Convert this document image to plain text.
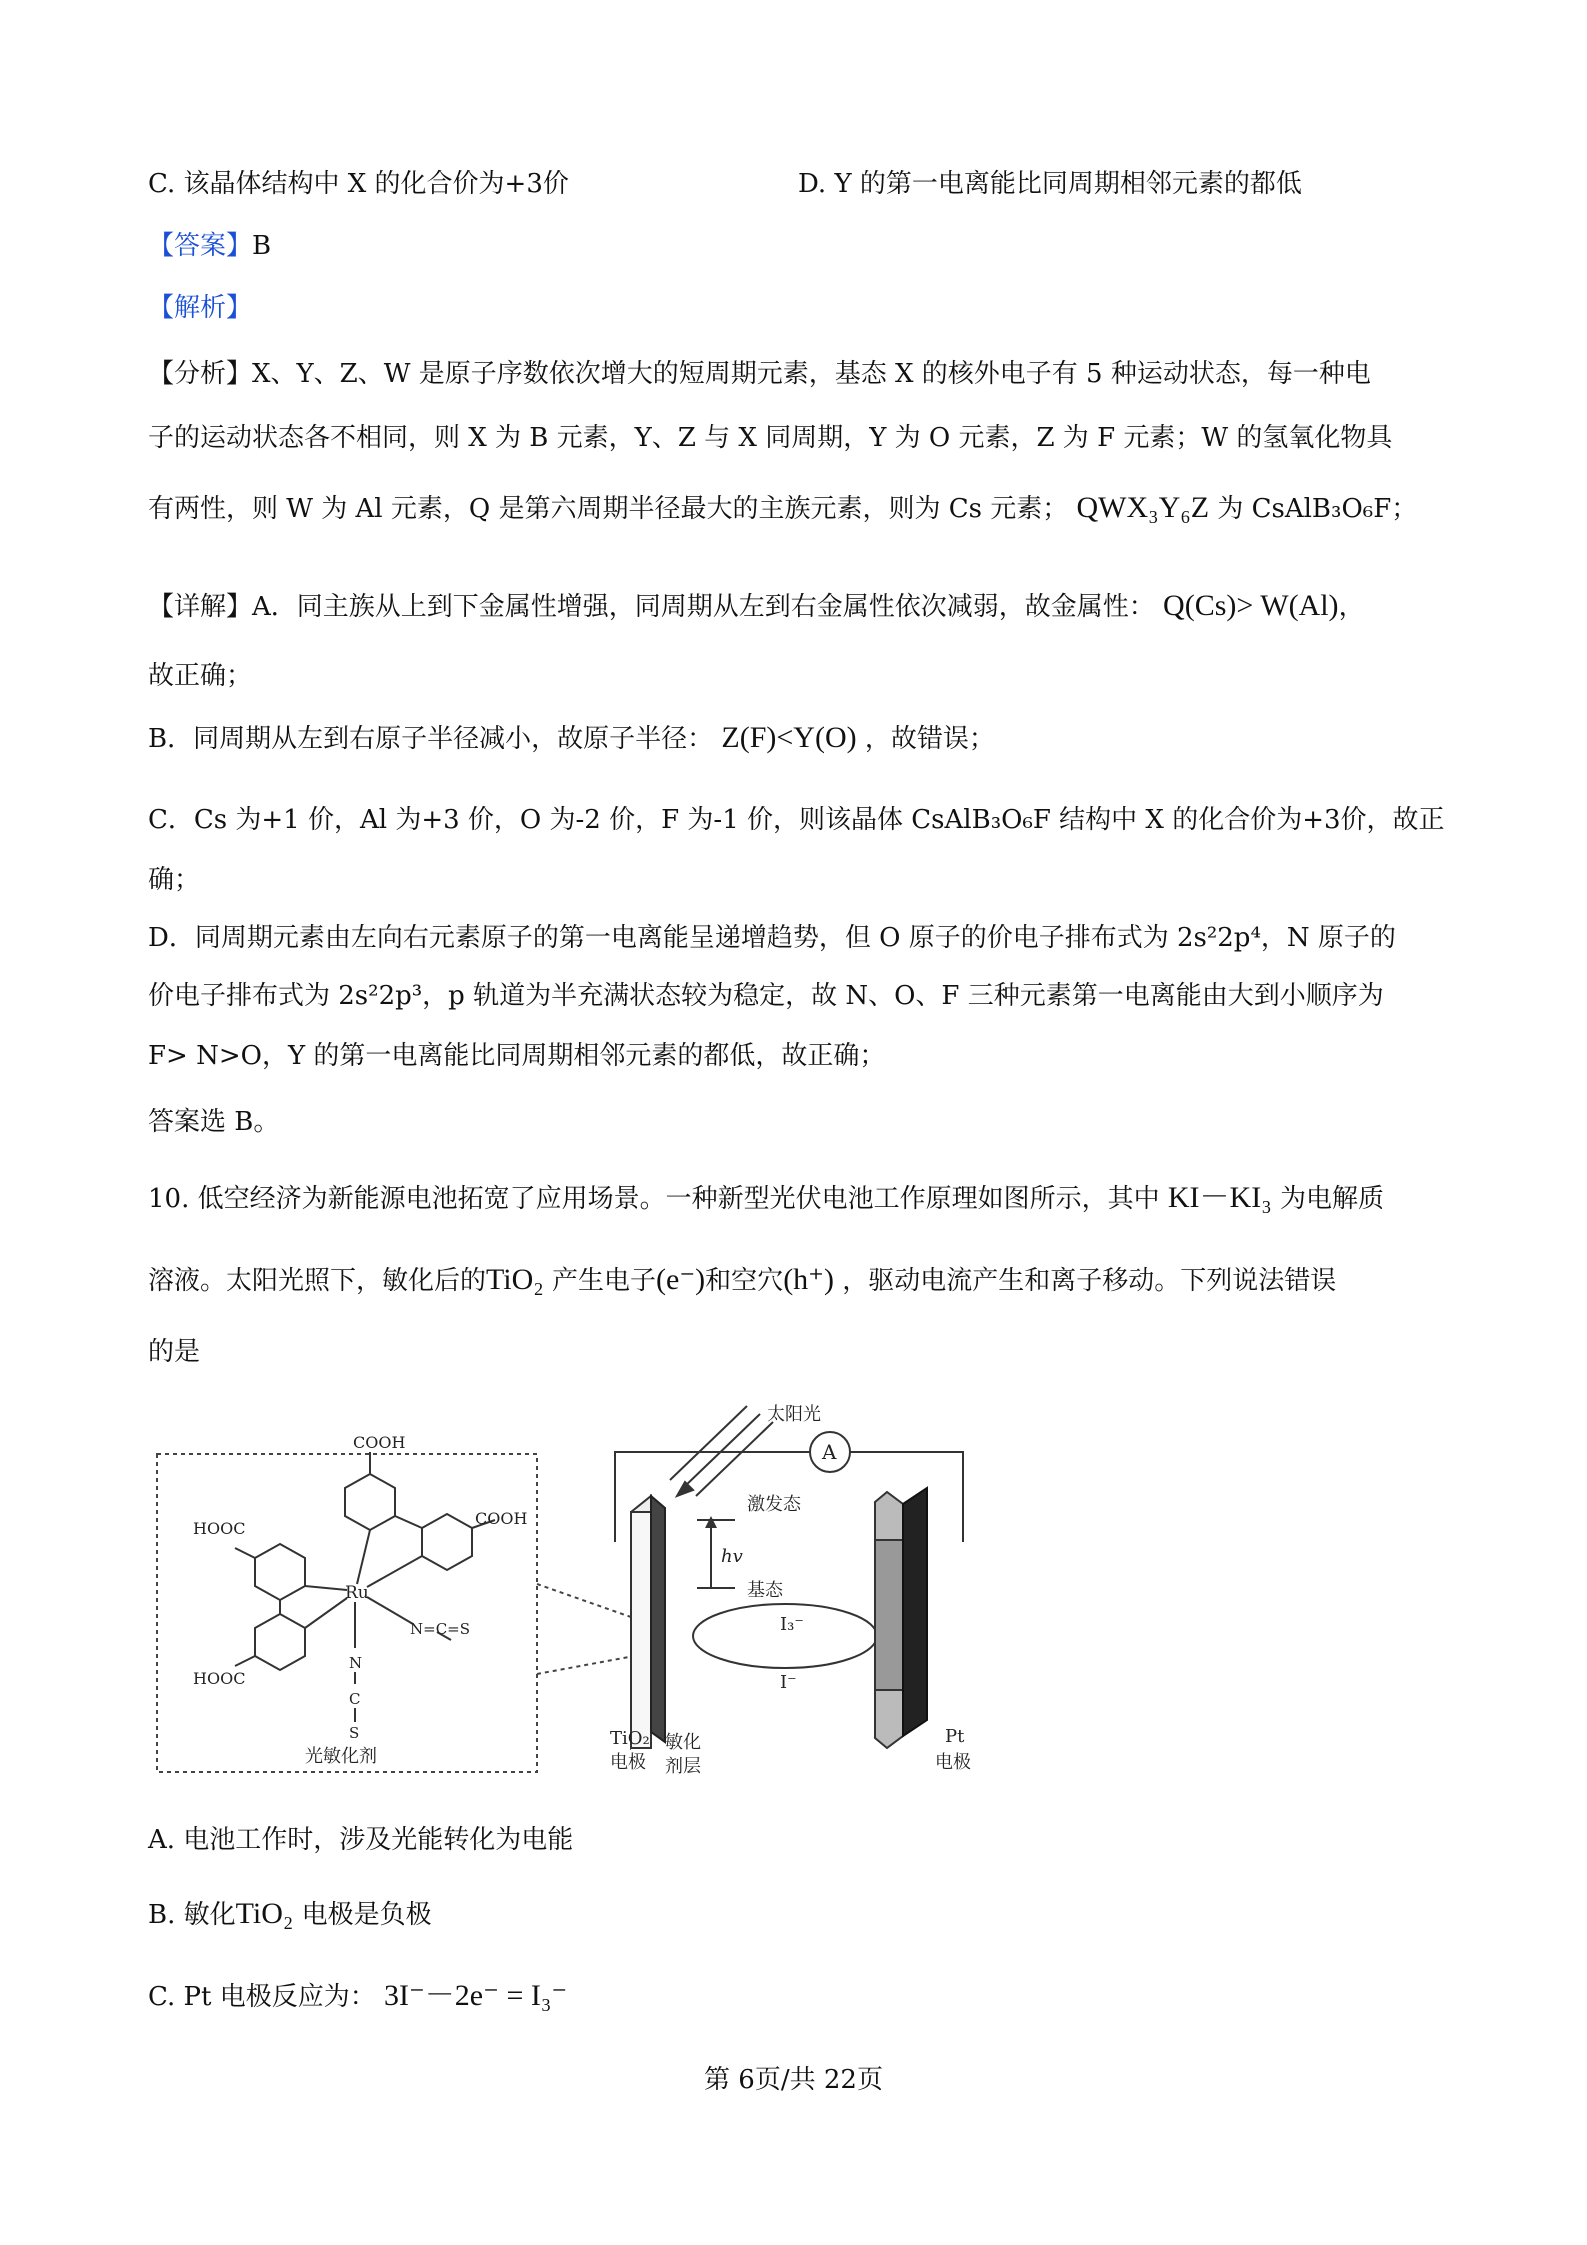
C. 该晶体结构中 X 的化合价为+3价	D. Y 的第一电离能比同周期相邻元素的都低
【答案】B
【解析】
【分析】X、Y、Z、W 是原子序数依次增大的短周期元素，基态 X 的核外电子有 5 种运动状态，每一种电
子的运动状态各不相同，则 X 为 B 元素，Y、Z 与 X 同周期，Y 为 O 元素，Z 为 F 元素；W 的氢氧化物具
有两性，则 W 为 Al 元素，Q 是第六周期半径最大的主族元素，则为 Cs 元素； QWX₃Y₆Z 为 CsAlB₃O₆F；
【详解】A．同主族从上到下金属性增强，同周期从左到右金属性依次减弱，故金属性： Q(Cs)> W(Al)，
故正确；
B．同周期从左到右原子半径减小，故原子半径： Z(F)<Y(O) ，故错误；
C．Cs 为+1 价，Al 为+3 价，O 为-2 价，F 为-1 价，则该晶体 CsAlB₃O₆F 结构中 X 的化合价为+3价，故正
确；
D．同周期元素由左向右元素原子的第一电离能呈递增趋势，但 O 原子的价电子排布式为 2s²2p⁴，N 原子的
价电子排布式为 2s²2p³，p 轨道为半充满状态较为稳定，故 N、O、F 三种元素第一电离能由大到小顺序为
F> N>O，Y 的第一电离能比同周期相邻元素的都低，故正确；
答案选 B。
10. 低空经济为新能源电池拓宽了应用场景。一种新型光伏电池工作原理如图所示，其中 KI－KI₃ 为电解质
溶液。太阳光照下，敏化后的TiO₂ 产生电子(e⁻)和空穴(h⁺) ，驱动电流产生和离子移动。下列说法错误
的是
COOH
COOH
HOOC
HOOC
Ru
N=C=S
N
C
S
光敏化剂
A
太阳光
激发态
hv
基态
I₃⁻
I⁻
TiO₂
电极
敏化
剂层
Pt
电极
A. 电池工作时，涉及光能转化为电能
B. 敏化TiO₂ 电极是负极
C. Pt 电极反应为： 3I⁻－2e⁻ = I₃⁻
第 6页/共 22页
